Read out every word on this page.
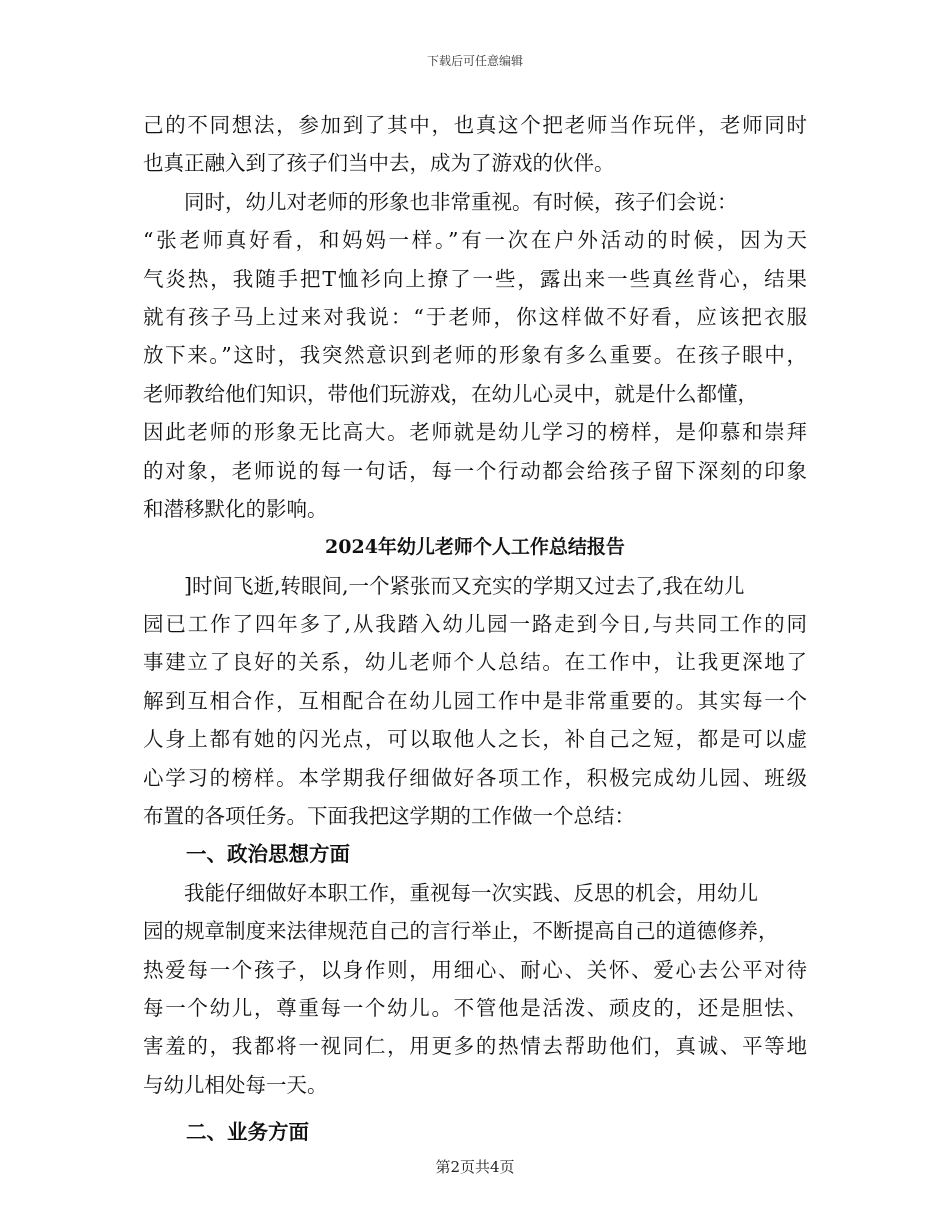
下载后可任意编辑
己的不同想法，参加到了其中，也真这个把老师当作玩伴，老师同时
也真正融入到了孩子们当中去，成为了游戏的伙伴。
同时，幼儿对老师的形象也非常重视。有时候，孩子们会说：
“张老师真好看，和妈妈一样。”有一次在户外活动的时候，因为天
气炎热，我随手把T恤衫向上撩了一些，露出来一些真丝背心，结果
就有孩子马上过来对我说：“于老师，你这样做不好看，应该把衣服
放下来。”这时，我突然意识到老师的形象有多么重要。在孩子眼中，
老师教给他们知识，带他们玩游戏，在幼儿心灵中，就是什么都懂，
因此老师的形象无比高大。老师就是幼儿学习的榜样，是仰慕和崇拜
的对象，老师说的每一句话，每一个行动都会给孩子留下深刻的印象
和潜移默化的影响。
2024年幼儿老师个人工作总结报告
]时间飞逝,转眼间,一个紧张而又充实的学期又过去了,我在幼儿
园已工作了四年多了,从我踏入幼儿园一路走到今日,与共同工作的同
事建立了良好的关系，幼儿老师个人总结。在工作中，让我更深地了
解到互相合作，互相配合在幼儿园工作中是非常重要的。其实每一个
人身上都有她的闪光点，可以取他人之长，补自己之短，都是可以虚
心学习的榜样。本学期我仔细做好各项工作，积极完成幼儿园、班级
布置的各项任务。下面我把这学期的工作做一个总结：
一、政治思想方面
我能仔细做好本职工作，重视每一次实践、反思的机会，用幼儿
园的规章制度来法律规范自己的言行举止，不断提高自己的道德修养，
热爱每一个孩子，以身作则，用细心、耐心、关怀、爱心去公平对待
每一个幼儿，尊重每一个幼儿。不管他是活泼、顽皮的，还是胆怯、
害羞的，我都将一视同仁，用更多的热情去帮助他们，真诚、平等地
与幼儿相处每一天。
二、业务方面
第2页共4页
